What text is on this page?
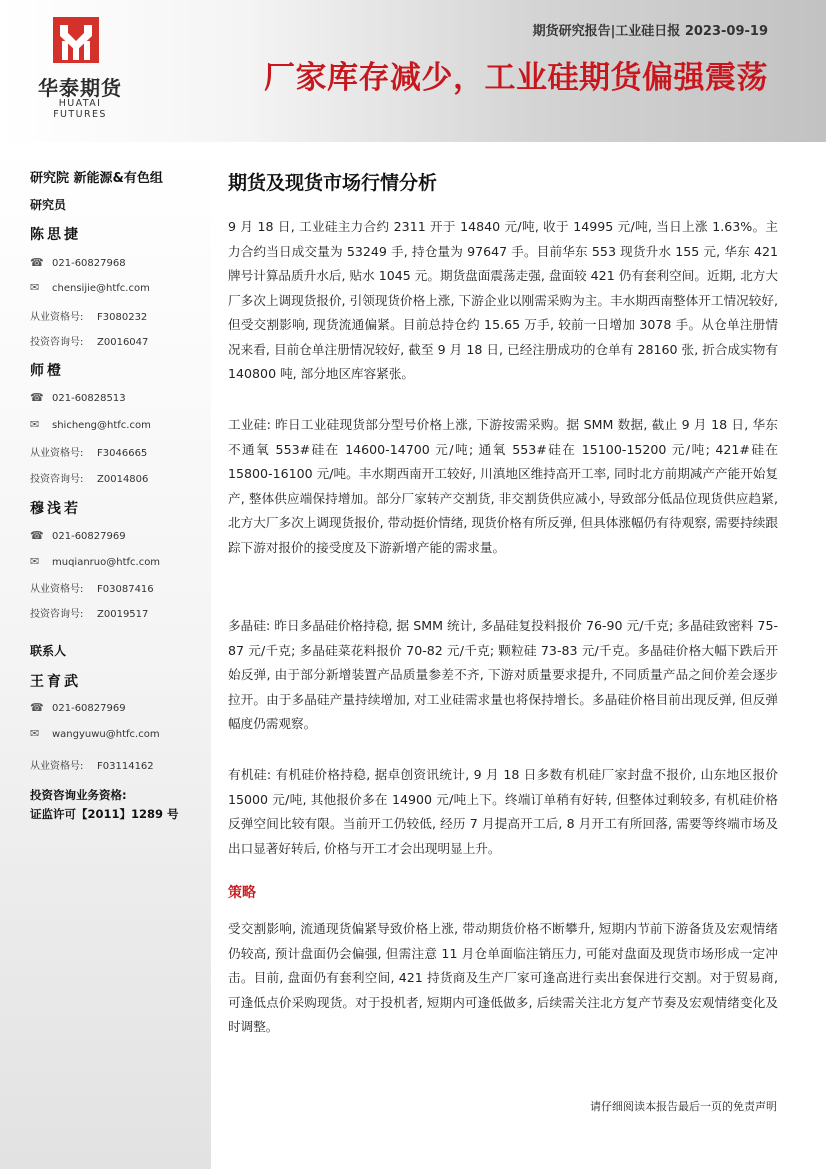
华泰期货
HUATAI FUTURES
期货研究报告|工业硅日报 2023-09-19
厂家库存减少，工业硅期货偏强震荡
研究院 新能源&有色组
研究员
陈思捷
☎ 021-60827968
✉ chensijie@htfc.com
从业资格号: F3080232
投资咨询号: Z0016047
师橙
☎ 021-60828513
✉ shicheng@htfc.com
从业资格号: F3046665
投资咨询号: Z0014806
穆浅若
☎ 021-60827969
✉ muqianruo@htfc.com
从业资格号: F03087416
投资咨询号: Z0019517
联系人
王育武
☎ 021-60827969
✉ wangyuwu@htfc.com
从业资格号: F03114162
投资咨询业务资格:
证监许可【2011】1289 号
期货及现货市场行情分析
9 月 18 日, 工业硅主力合约 2311 开于 14840 元/吨, 收于 14995 元/吨, 当日上涨 1.63%。主力合约当日成交量为 53249 手, 持仓量为 97647 手。目前华东 553 现货升水 155 元, 华东 421 牌号计算品质升水后, 贴水 1045 元。期货盘面震荡走强, 盘面较 421 仍有套利空间。近期, 北方大厂多次上调现货报价, 引领现货价格上涨, 下游企业以刚需采购为主。丰水期西南整体开工情况较好, 但受交割影响, 现货流通偏紧。目前总持仓约 15.65 万手, 较前一日增加 3078 手。从仓单注册情况来看, 目前仓单注册情况较好, 截至 9 月 18 日, 已经注册成功的仓单有 28160 张, 折合成实物有 140800 吨, 部分地区库容紧张。
工业硅: 昨日工业硅现货部分型号价格上涨, 下游按需采购。据 SMM 数据, 截止 9 月 18 日, 华东不通氧 553#硅在 14600-14700 元/吨; 通氧 553#硅在 15100-15200 元/吨; 421#硅在 15800-16100 元/吨。丰水期西南开工较好, 川滇地区维持高开工率, 同时北方前期减产产能开始复产, 整体供应端保持增加。部分厂家转产交割货, 非交割货供应减小, 导致部分低品位现货供应趋紧, 北方大厂多次上调现货报价, 带动挺价情绪, 现货价格有所反弹, 但具体涨幅仍有待观察, 需要持续跟踪下游对报价的接受度及下游新增产能的需求量。
多晶硅: 昨日多晶硅价格持稳, 据 SMM 统计, 多晶硅复投料报价 76-90 元/千克; 多晶硅致密料 75-87 元/千克; 多晶硅菜花料报价 70-82 元/千克; 颗粒硅 73-83 元/千克。多晶硅价格大幅下跌后开始反弹, 由于部分新增装置产品质量参差不齐, 下游对质量要求提升, 不同质量产品之间价差会逐步拉开。由于多晶硅产量持续增加, 对工业硅需求量也将保持增长。多晶硅价格目前出现反弹, 但反弹幅度仍需观察。
有机硅: 有机硅价格持稳, 据卓创资讯统计, 9 月 18 日多数有机硅厂家封盘不报价, 山东地区报价 15000 元/吨, 其他报价多在 14900 元/吨上下。终端订单稍有好转, 但整体过剩较多, 有机硅价格反弹空间比较有限。当前开工仍较低, 经历 7 月提高开工后, 8 月开工有所回落, 需要等终端市场及出口显著好转后, 价格与开工才会出现明显上升。
策略
受交割影响, 流通现货偏紧导致价格上涨, 带动期货价格不断攀升, 短期内节前下游备货及宏观情绪仍较高, 预计盘面仍会偏强, 但需注意 11 月仓单面临注销压力, 可能对盘面及现货市场形成一定冲击。目前, 盘面仍有套利空间, 421 持货商及生产厂家可逢高进行卖出套保进行交割。对于贸易商, 可逢低点价采购现货。对于投机者, 短期内可逢低做多, 后续需关注北方复产节奏及宏观情绪变化及时调整。
请仔细阅读本报告最后一页的免责声明
